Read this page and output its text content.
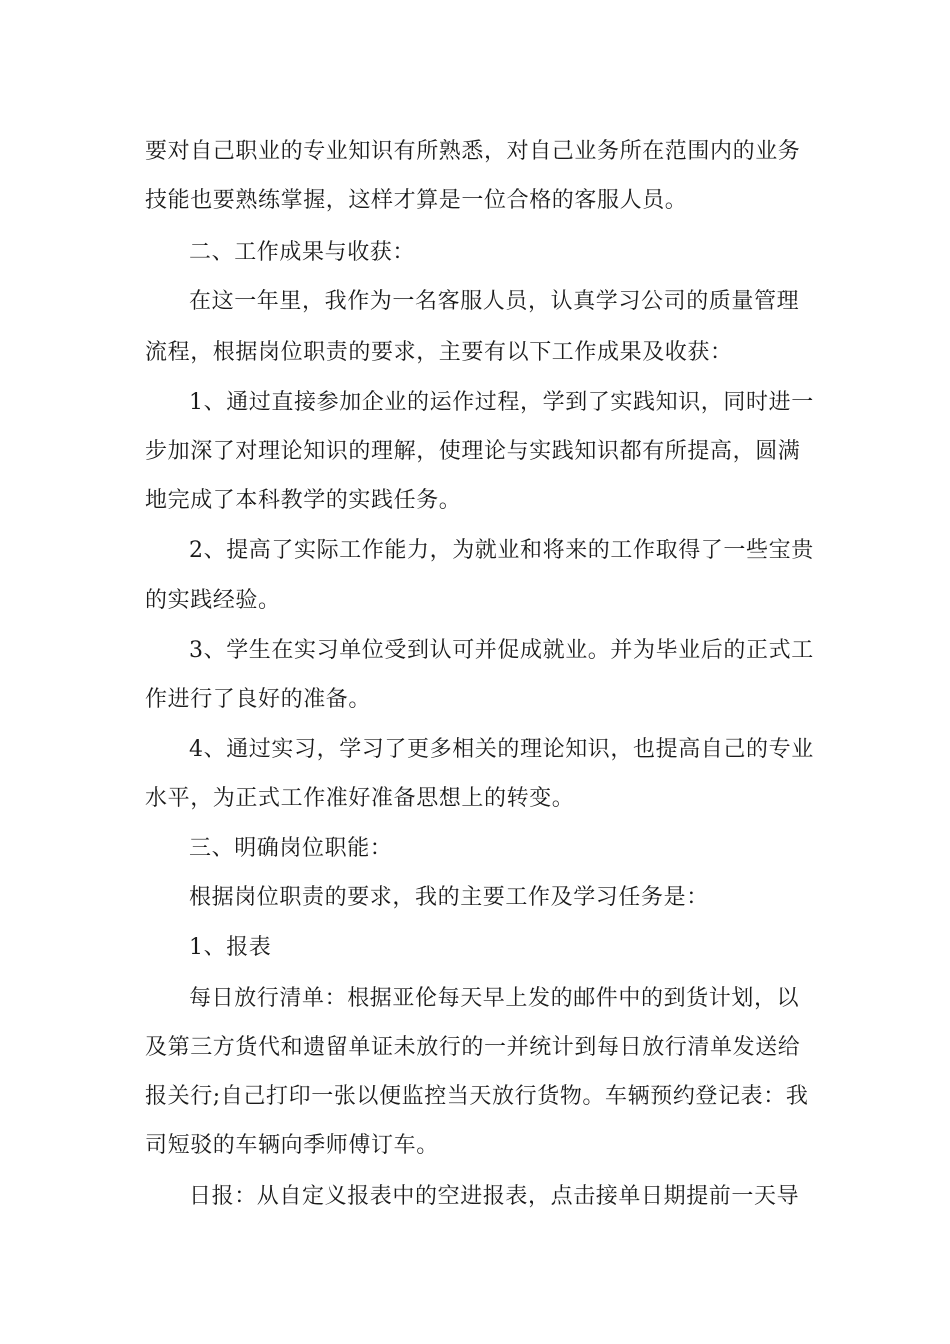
要对自己职业的专业知识有所熟悉，对自己业务所在范围内的业务
技能也要熟练掌握，这样才算是一位合格的客服人员。
二、工作成果与收获：
在这一年里，我作为一名客服人员，认真学习公司的质量管理
流程，根据岗位职责的要求，主要有以下工作成果及收获：
1、通过直接参加企业的运作过程，学到了实践知识，同时进一
步加深了对理论知识的理解，使理论与实践知识都有所提高，圆满
地完成了本科教学的实践任务。
2、提高了实际工作能力，为就业和将来的工作取得了一些宝贵
的实践经验。
3、学生在实习单位受到认可并促成就业。并为毕业后的正式工
作进行了良好的准备。
4、通过实习，学习了更多相关的理论知识，也提高自己的专业
水平，为正式工作准好准备思想上的转变。
三、明确岗位职能：
根据岗位职责的要求，我的主要工作及学习任务是：
1、报表
每日放行清单：根据亚伦每天早上发的邮件中的到货计划，以
及第三方货代和遗留单证未放行的一并统计到每日放行清单发送给
报关行;自己打印一张以便监控当天放行货物。车辆预约登记表：我
司短驳的车辆向季师傅订车。
日报：从自定义报表中的空进报表，点击接单日期提前一天导
